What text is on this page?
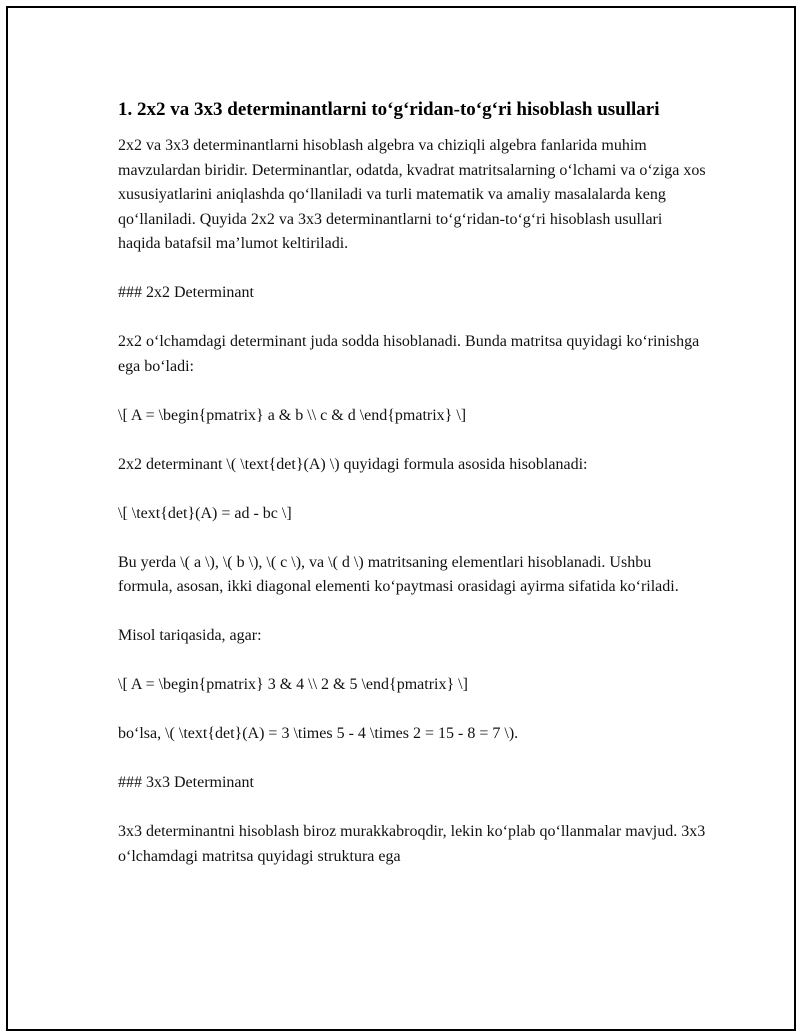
1. 2x2 va 3x3 determinantlarni to‘g‘ridan-to‘g‘ri hisoblash usullari

2x2 va 3x3 determinantlarni hisoblash algebra va chiziqli algebra fanlarida muhim mavzulardan biridir. Determinantlar, odatda, kvadrat matritsalarning o‘lchami va o‘ziga xos xususiyatlarini aniqlashda qo‘llaniladi va turli matematik va amaliy masalalarda keng qo‘llaniladi. Quyida 2x2 va 3x3 determinantlarni to‘g‘ridan-to‘g‘ri hisoblash usullari haqida batafsil ma’lumot keltiriladi.

### 2x2 Determinant

2x2 o‘lchamdagi determinant juda sodda hisoblanadi. Bunda matritsa quyidagi ko‘rinishga ega bo‘ladi:

\[ A = \begin{pmatrix} a & b \\ c & d \end{pmatrix} \]

2x2 determinant \( \text{det}(A) \) quyidagi formula asosida hisoblanadi:

\[ \text{det}(A) = ad - bc \]

Bu yerda \( a \), \( b \), \( c \), va \( d \) matritsaning elementlari hisoblanadi. Ushbu formula, asosan, ikki diagonal elementi ko‘paytmasi orasidagi ayirma sifatida ko‘riladi.

Misol tariqasida, agar:

\[ A = \begin{pmatrix} 3 & 4 \\ 2 & 5 \end{pmatrix} \]

bo‘lsa, \( \text{det}(A) = 3 \times 5 - 4 \times 2 = 15 - 8 = 7 \).

### 3x3 Determinant

3x3 determinantni hisoblash biroz murakkabroqdir, lekin ko‘plab qo‘llanmalar mavjud. 3x3 o‘lchamdagi matritsa quyidagi struktura ega
